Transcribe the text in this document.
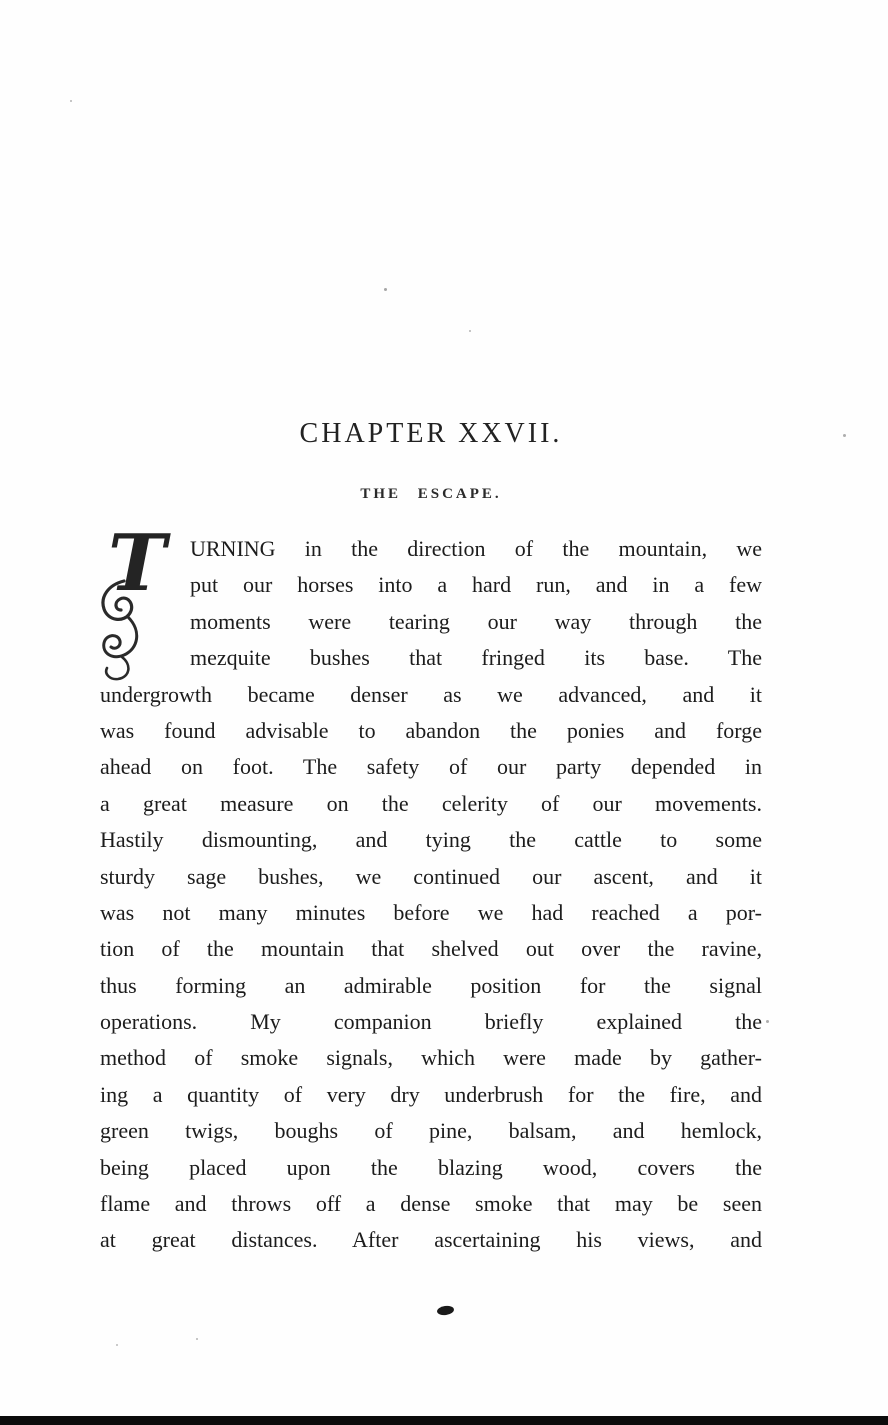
CHAPTER XXVII.
THE ESCAPE.
T URNING in the direction of the mountain, we
put our horses into a hard run, and in a few
moments were tearing our way through the
mezquite bushes that fringed its base. The
undergrowth became denser as we advanced, and it
was found advisable to abandon the ponies and forge
ahead on foot. The safety of our party depended in
a great measure on the celerity of our movements.
Hastily dismounting, and tying the cattle to some
sturdy sage bushes, we continued our ascent, and it
was not many minutes before we had reached a por-
tion of the mountain that shelved out over the ravine,
thus forming an admirable position for the signal
operations. My companion briefly explained the
method of smoke signals, which were made by gather-
ing a quantity of very dry underbrush for the fire, and
green twigs, boughs of pine, balsam, and hemlock,
being placed upon the blazing wood, covers the
flame and throws off a dense smoke that may be seen
at great distances. After ascertaining his views, and
